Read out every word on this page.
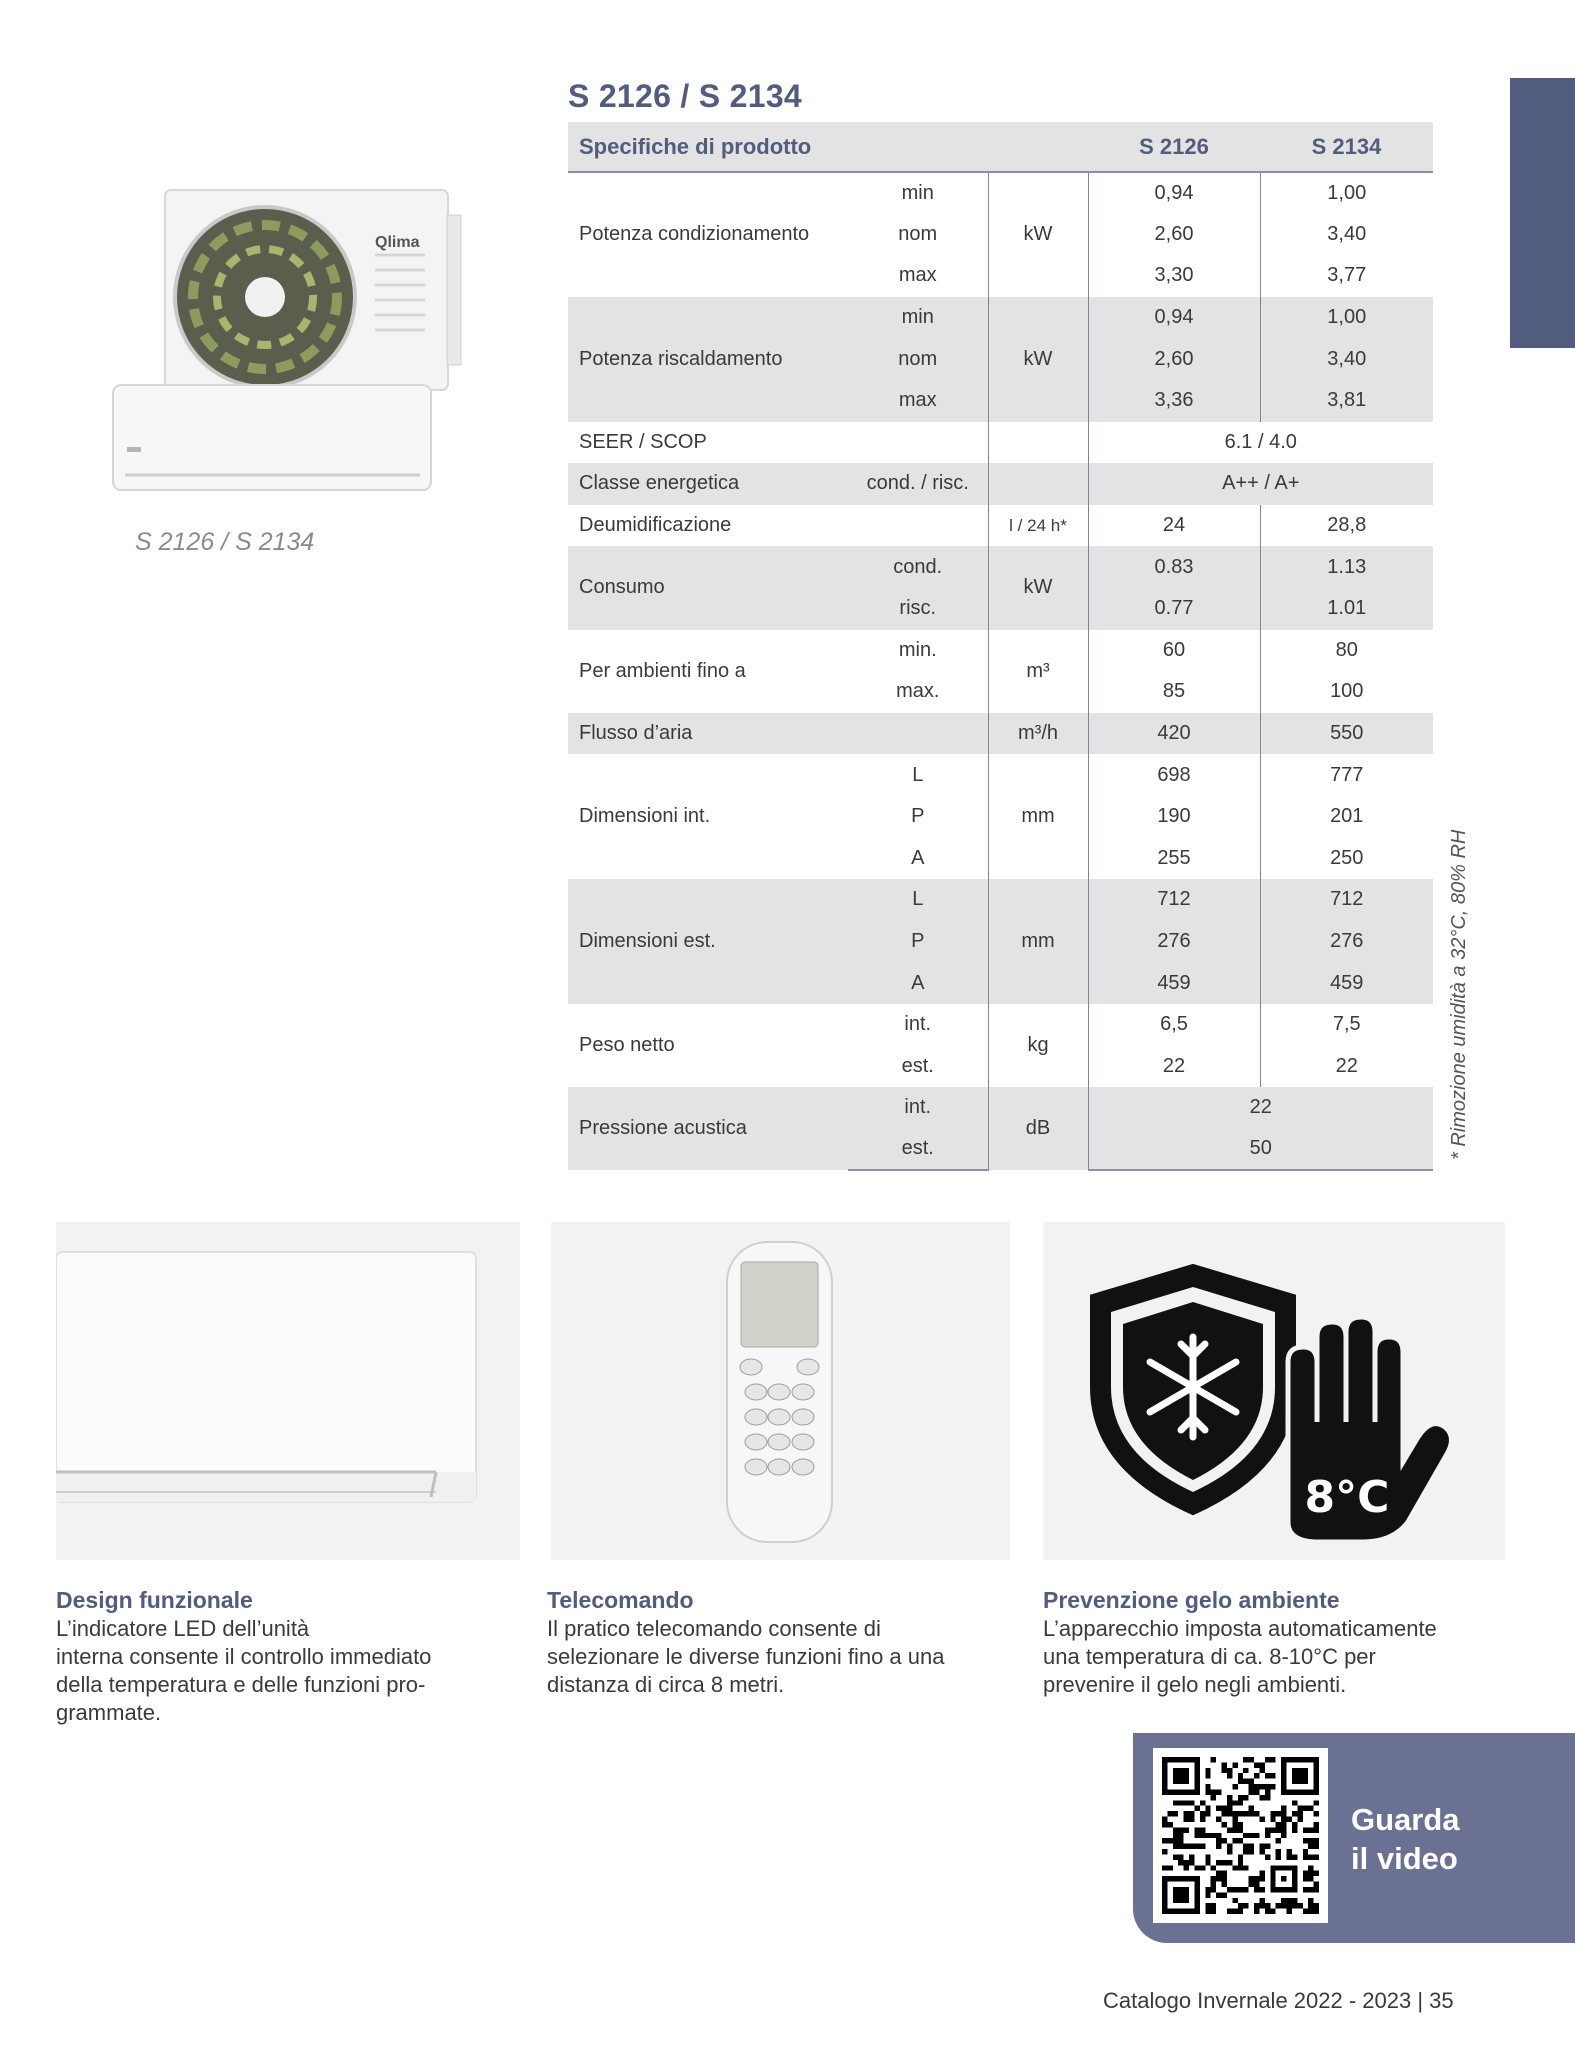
S 2126 / S 2134
Qlima
S 2126 / S 2134
Specifiche di prodotto			S 2126	S 2134
Potenza condizionamento	min	kW	0,94	1,00
	nom		2,60	3,40
	max		3,30	3,77
Potenza riscaldamento	min	kW	0,94	1,00
	nom		2,60	3,40
	max		3,36	3,81
SEER / SCOP			6.1 / 4.0	
Classe energetica	cond. / risc.		A++ / A+	
Deumidificazione		l / 24 h*	24	28,8
Consumo	cond.	kW	0.83	1.13
	risc.		0.77	1.01
Per ambienti fino a	min.	m³	60	80
	max.		85	100
Flusso d’aria		m³/h	420	550
Dimensioni int.	L	mm	698	777
	P		190	201
	A		255	250
Dimensioni est.	L	mm	712	712
	P		276	276
	A		459	459
Peso netto	int.	kg	6,5	7,5
	est.		22	22
Pressione acustica	int.	dB	22	
	est.		50		* Rimozione umidità a 32°C, 80% RH
8°C
Design funzionale
L’indicatore LED dell’unità
interna consente il controllo immediato
della temperatura e delle funzioni pro-
grammate.
Telecomando
Il pratico telecomando consente di
selezionare le diverse funzioni fino a una
distanza di circa 8 metri.
Prevenzione gelo ambiente
L’apparecchio imposta automaticamente
una temperatura di ca. 8-10°C per
prevenire il gelo negli ambienti.
Guarda
il video
Catalogo Invernale 2022 - 2023 | 35
